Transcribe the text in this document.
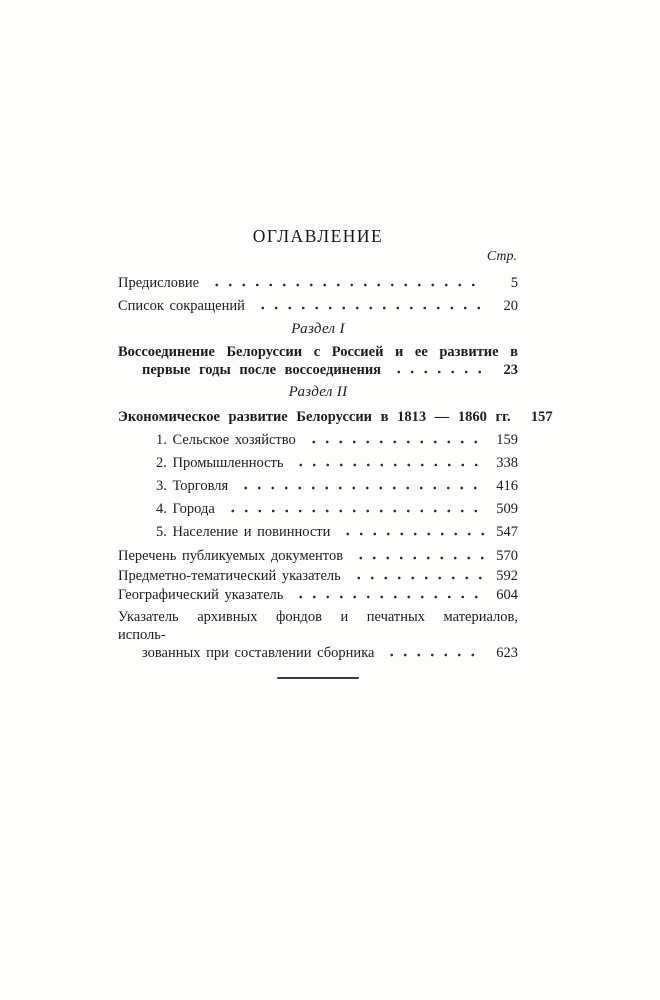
ОГЛАВЛЕНИЕ
Стр.
Предисловие	5
Список сокращений	20
Раздел I
Воссоединение Белоруссии с Россией и ее развитие в
первые годы после воссоединения	23
Раздел II
Экономическое развитие Белоруссии в 1813 — 1860 гг. 157
1. Сельское хозяйство	159
2. Промышленность	338
3. Торговля	416
4. Города	509
5. Население и повинности	547
Перечень публикуемых документов	570
Предметно-тематический указатель	592
Географический указатель	604
Указатель архивных фондов и печатных материалов, исполь-
зованных при составлении сборника	623
